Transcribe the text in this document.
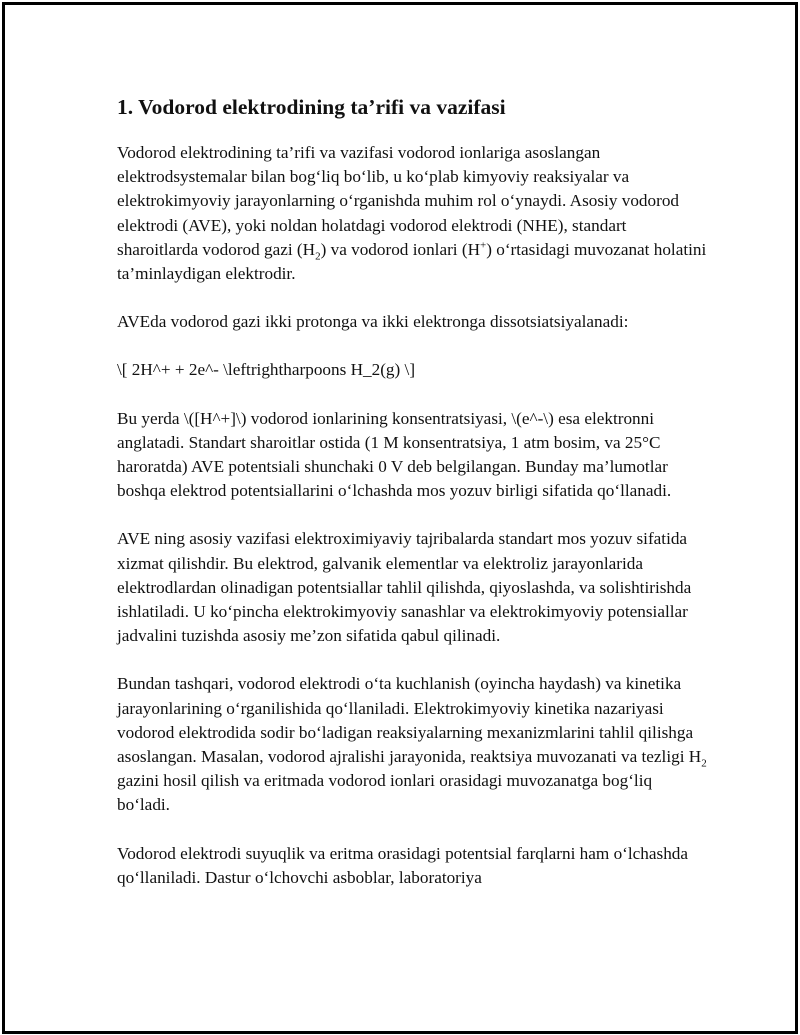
1. Vodorod elektrodining ta’rifi va vazifasi

Vodorod elektrodining ta’rifi va vazifasi vodorod ionlariga asoslangan elektrodsystemalar bilan bog‘liq bo‘lib, u ko‘plab kimyoviy reaksiyalar va elektrokimyoviy jarayonlarning o‘rganishda muhim rol o‘ynaydi. Asosiy vodorod elektrodi (AVE), yoki noldan holatdagi vodorod elektrodi (NHE), standart sharoitlarda vodorod gazi $(H_2)$ va vodorod ionlari (H+) o‘rtasidagi muvozanat holatini ta’minlaydigan elektrodir.

AVEda vodorod gazi ikki protonga va ikki elektronga dissotsiatsiyalanadi:

\[ 2H^+ + 2e^- \leftrightharpoons H_2(g) \]

Bu yerda \([H^+]\) vodorod ionlarining konsentratsiyasi, \(e^-\) esa elektronni anglatadi. Standart sharoitlar ostida (1 M konsentratsiya, 1 atm bosim, va 25°C haroratda) AVE potentsiali shunchaki 0 V deb belgilangan. Bunday ma’lumotlar boshqa elektrod potentsiallarini o‘lchashda mos yozuv birligi sifatida qo‘llanadi.

AVE ning asosiy vazifasi elektroximiyaviy tajribalarda standart mos yozuv sifatida xizmat qilishdir. Bu elektrod, galvanik elementlar va elektroliz jarayonlarida elektrodlardan olinadigan potentsiallar tahlil qilishda, qiyoslashda, va solishtirishda ishlatiladi. U ko‘pincha elektrokimyoviy sanashlar va elektrokimyoviy potensiallar jadvalini tuzishda asosiy me’zon sifatida qabul qilinadi.

Bundan tashqari, vodorod elektrodi o‘ta kuchlanish (oyincha haydash) va kinetika jarayonlarining o‘rganilishida qo‘llaniladi. Elektrokimyoviy kinetika nazariyasi vodorod elektrodida sodir bo‘ladigan reaksiyalarning mexanizmlarini tahlil qilishga asoslangan. Masalan, vodorod ajralishi jarayonida, reaktsiya muvozanati va tezligi $H_2$ gazini hosil qilish va eritmada vodorod ionlari orasidagi muvozanatga bog‘liq bo‘ladi.

Vodorod elektrodi suyuqlik va eritma orasidagi potentsial farqlarni ham o‘lchashda qo‘llaniladi. Dastur o‘lchovchi asboblar, laboratoriya
